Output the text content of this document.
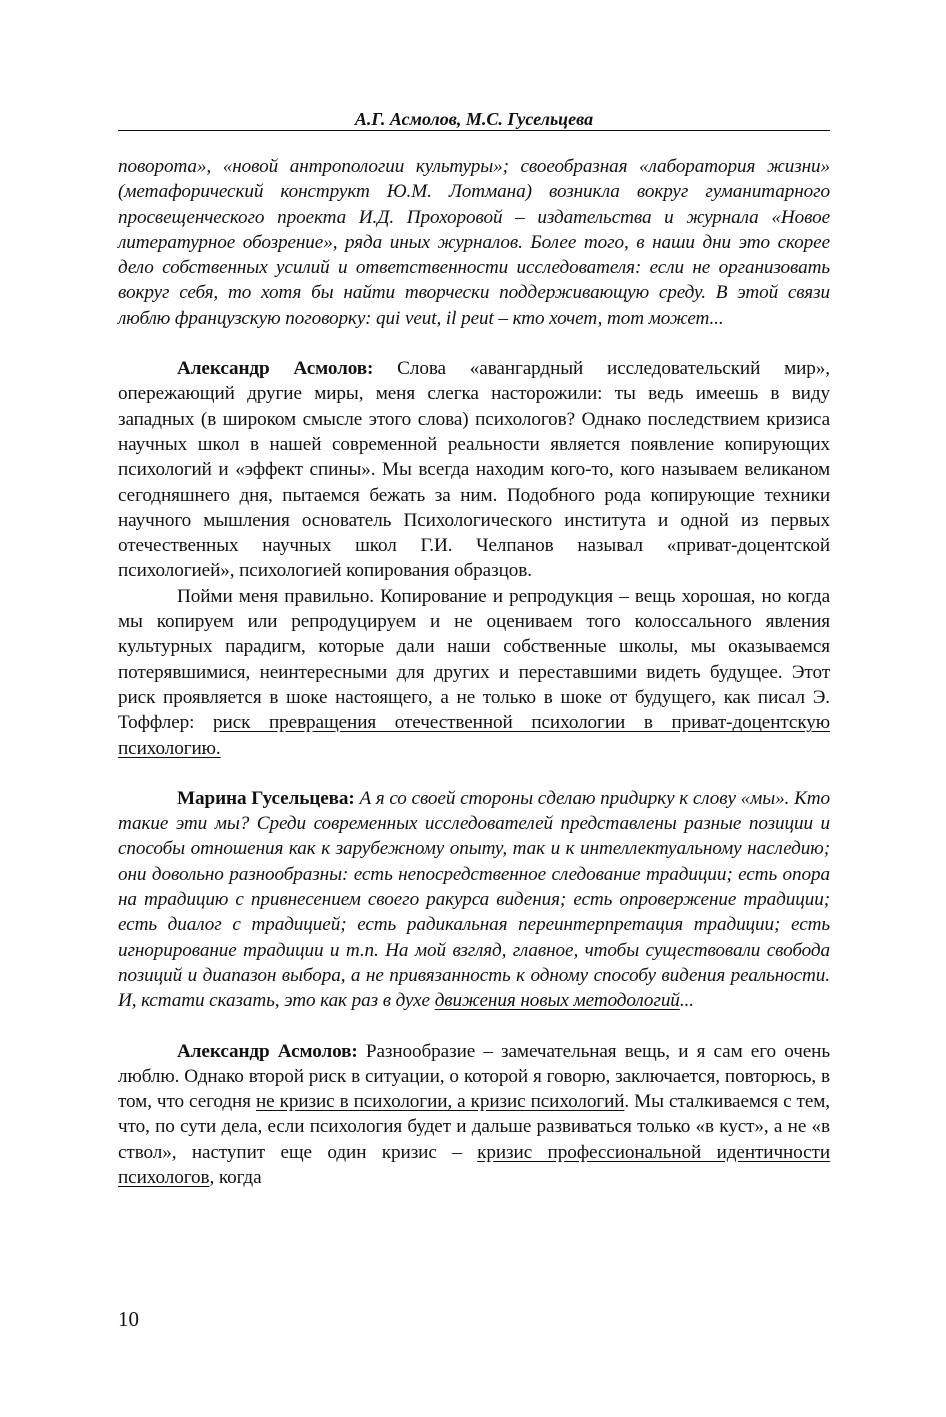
А.Г. Асмолов, М.С. Гусельцева

поворота», «новой антропологии культуры»; своеобразная «лаборатория жизни» (метафорический конструкт Ю.М. Лотмана) возникла вокруг гуманитарного просвещенческого проекта И.Д. Прохоровой – издательства и журнала «Новое литературное обозрение», ряда иных журналов. Более того, в наши дни это скорее дело собственных усилий и ответственности исследователя: если не организовать вокруг себя, то хотя бы найти творчески поддерживающую среду. В этой связи люблю французскую поговорку: qui veut, il peut – кто хочет, тот может...

Александр Асмолов: Слова «авангардный исследовательский мир», опережающий другие миры, меня слегка насторожили: ты ведь имеешь в виду западных (в широком смысле этого слова) психологов? Однако последствием кризиса научных школ в нашей современной реальности является появление копирующих психологий и «эффект спины». Мы всегда находим кого-то, кого называем великаном сегодняшнего дня, пытаемся бежать за ним. Подобного рода копирующие техники научного мышления основатель Психологического института и одной из первых отечественных научных школ Г.И. Челпанов называл «приват-доцентской психологией», психологией копирования образцов.

Пойми меня правильно. Копирование и репродукция – вещь хорошая, но когда мы копируем или репродуцируем и не оцениваем того колоссального явления культурных парадигм, которые дали наши собственные школы, мы оказываемся потерявшимися, неинтересными для других и переставшими видеть будущее. Этот риск проявляется в шоке настоящего, а не только в шоке от будущего, как писал Э. Тоффлер: риск превращения отечественной психологии в приват-доцентскую психологию.

Марина Гусельцева: А я со своей стороны сделаю придирку к слову «мы». Кто такие эти мы? Среди современных исследователей представлены разные позиции и способы отношения как к зарубежному опыту, так и к интеллектуальному наследию; они довольно разнообразны: есть непосредственное следование традиции; есть опора на традицию с привнесением своего ракурса видения; есть опровержение традиции; есть диалог с традицией; есть радикальная переинтерпретация традиции; есть игнорирование традиции и т.п. На мой взгляд, главное, чтобы существовали свобода позиций и диапазон выбора, а не привязанность к одному способу видения реальности. И, кстати сказать, это как раз в духе движения новых методологий...

Александр Асмолов: Разнообразие – замечательная вещь, и я сам его очень люблю. Однако второй риск в ситуации, о которой я говорю, заключается, повторюсь, в том, что сегодня не кризис в психологии, а кризис психологий. Мы сталкиваемся с тем, что, по сути дела, если психология будет и дальше развиваться только «в куст», а не «в ствол», наступит еще один кризис – кризис профессиональной идентичности психологов, когда

10
